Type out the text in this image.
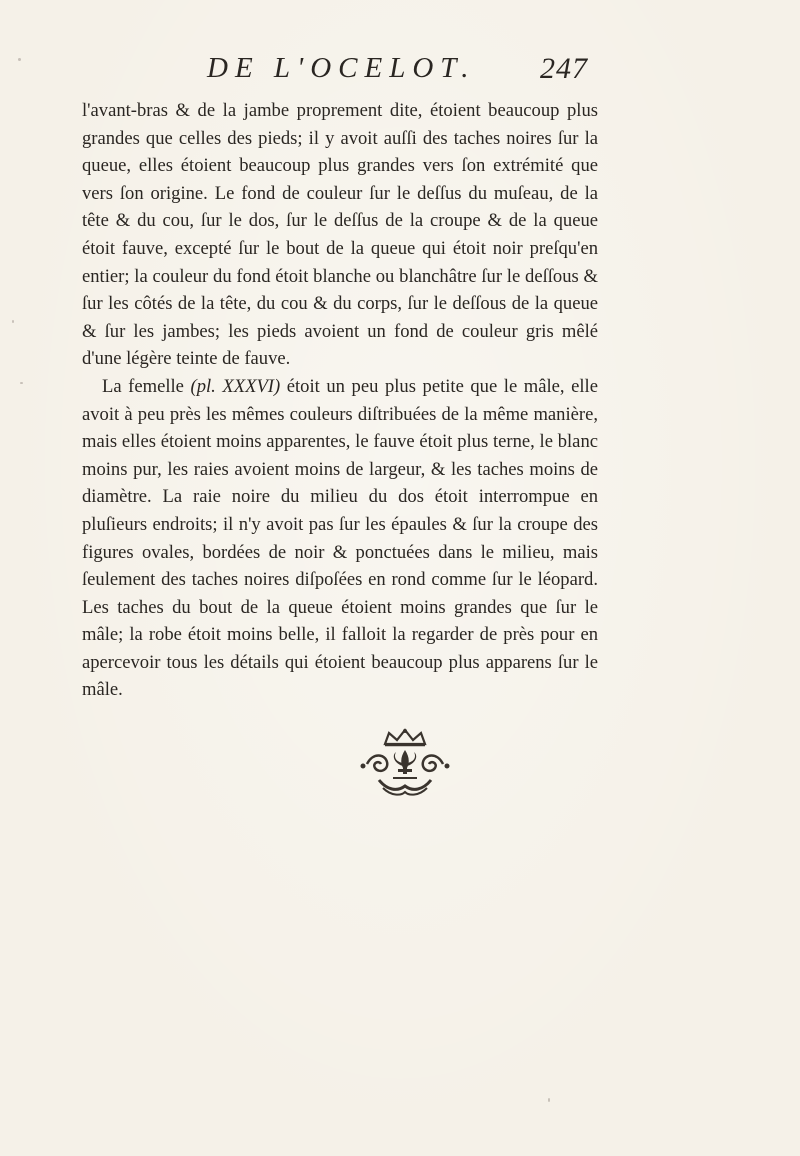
DE L'OCELOT. 247

l'avant-bras & de la jambe proprement dite, étoient beaucoup plus grandes que celles des pieds; il y avoit auſſi des taches noires ſur la queue, elles étoient beaucoup plus grandes vers ſon extrémité que vers ſon origine. Le fond de couleur ſur le deſſus du muſeau, de la tête & du cou, ſur le dos, ſur le deſſus de la croupe & de la queue étoit fauve, excepté ſur le bout de la queue qui étoit noir preſqu'en entier; la couleur du fond étoit blanche ou blanchâtre ſur le deſſous & ſur les côtés de la tête, du cou & du corps, ſur le deſſous de la queue & ſur les jambes; les pieds avoient un fond de couleur gris mêlé d'une légère teinte de fauve.

La femelle (pl. XXXVI) étoit un peu plus petite que le mâle, elle avoit à peu près les mêmes couleurs diſtribuées de la même manière, mais elles étoient moins apparentes, le fauve étoit plus terne, le blanc moins pur, les raies avoient moins de largeur, & les taches moins de diamètre. La raie noire du milieu du dos étoit interrompue en pluſieurs endroits; il n'y avoit pas ſur les épaules & ſur la croupe des figures ovales, bordées de noir & ponctuées dans le milieu, mais ſeulement des taches noires diſpoſées en rond comme ſur le léopard. Les taches du bout de la queue étoient moins grandes que ſur le mâle; la robe étoit moins belle, il falloit la regarder de près pour en apercevoir tous les détails qui étoient beaucoup plus apparens ſur le mâle.
